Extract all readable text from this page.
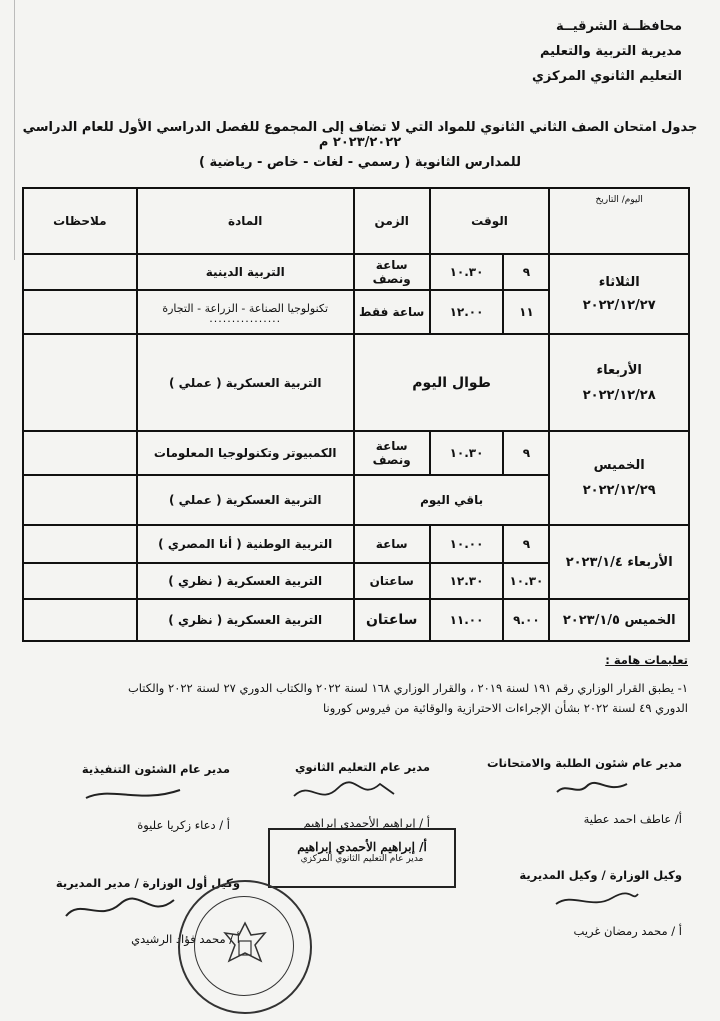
محافظــة الشرقيــة
مديرية التربية والتعليم
التعليم الثانوي المركزي
جدول امتحان الصف الثاني الثانوي للمواد التي لا تضاف إلى المجموع للفصل الدراسي الأول للعام الدراسي ٢٠٢٣/٢٠٢٢ م
للمدارس الثانوية ( رسمي - لغات - خاص - رياضية )
اليوم/ التاريخ	الوقت		الزمن	المادة	ملاحظات

الثلاثاء
٢٠٢٢/١٢/٢٧	٩	١٠.٣٠	ساعة ونصف	التربية الدينية	
	١١	١٢.٠٠	ساعة فقط	تكنولوجيا الصناعة - الزراعة - التجارة
................	

الأربعاء
٢٠٢٢/١٢/٢٨	طوال اليوم			التربية العسكرية ( عملي )	

الخميس
٢٠٢٢/١٢/٢٩	٩	١٠.٣٠	ساعة ونصف	الكمبيوتر وتكنولوجيا المعلومات	
	باقي اليوم			التربية العسكرية ( عملي )	
الأربعاء ٢٠٢٣/١/٤	٩	١٠.٠٠	ساعة	التربية الوطنية ( أنا المصري )	
	١٠.٣٠	١٢.٣٠	ساعتان	التربية العسكرية ( نظري )	
الخميس ٢٠٢٣/١/٥	٩.٠٠	١١.٠٠	ساعتان	التربية العسكرية ( نظري )	
تعليمات هامة :
١- يطبق القرار الوزاري رقم ١٩١ لسنة ٢٠١٩ ، والقرار الوزاري ١٦٨ لسنة ٢٠٢٢ والكتاب الدوري ٢٧ لسنة ٢٠٢٢ والكتاب
الدوري ٤٩ لسنة ٢٠٢٢ بشأن الإجراءات الاحترازية والوقائية من فيروس كورونا
مدير عام شئون الطلبة والامتحانات
أ/ عاطف احمد عطية
مدير عام التعليم الثانوي
أ / إبراهيم الأحمدي إبراهيم
مدير عام الشئون التنفيذية
أ / دعاء زكريا عليوة
أ/ إبراهيم الأحمدي إبراهيم
مدير عام التعليم الثانوي المركزي
وكيل الوزارة / وكيل المديرية
أ / محمد رمضان غريب
وكيل أول الوزارة / مدير المديرية
أ / محمد فؤاد الرشيدي
